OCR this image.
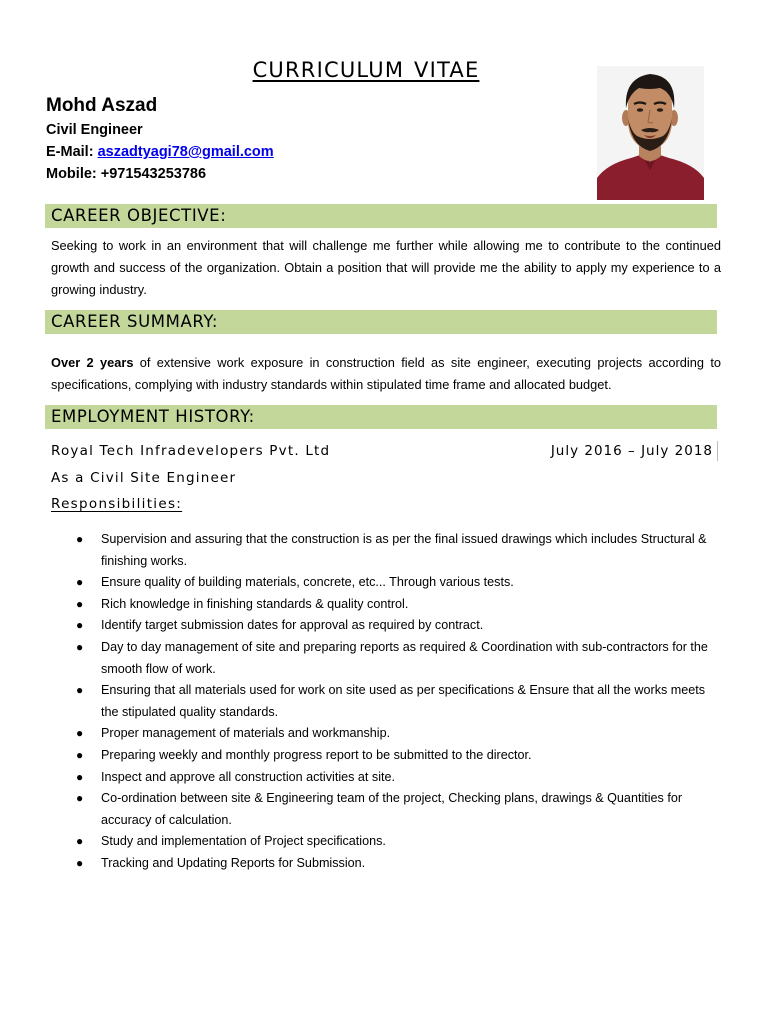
CURRICULUM VITAE
Mohd Aszad
Civil Engineer
E-Mail: aszadtyagi78@gmail.com
Mobile: +971543253786
CAREER OBJECTIVE:
Seeking to work in an environment that will challenge me further while allowing me to contribute to the continued growth and success of the organization. Obtain a position that will provide me the ability to apply my experience to a growing industry.
CAREER SUMMARY:
Over 2 years of extensive work exposure in construction field as site engineer, executing projects according to specifications, complying with industry standards within stipulated time frame and allocated budget.
EMPLOYMENT HISTORY:
Royal Tech Infradevelopers Pvt. Ltd	July 2016 – July 2018
As a Civil Site Engineer
Responsibilities:
● Supervision and assuring that the construction is as per the final issued drawings which includes Structural & finishing works.
● Ensure quality of building materials, concrete, etc... Through various tests.
● Rich knowledge in finishing standards & quality control.
● Identify target submission dates for approval as required by contract.
● Day to day management of site and preparing reports as required & Coordination with sub-contractors for the smooth flow of work.
● Ensuring that all materials used for work on site used as per specifications & Ensure that all the works meets the stipulated quality standards.
● Proper management of materials and workmanship.
● Preparing weekly and monthly progress report to be submitted to the director.
● Inspect and approve all construction activities at site.
● Co-ordination between site & Engineering team of the project, Checking plans, drawings & Quantities for accuracy of calculation.
● Study and implementation of Project specifications.
● Tracking and Updating Reports for Submission.
